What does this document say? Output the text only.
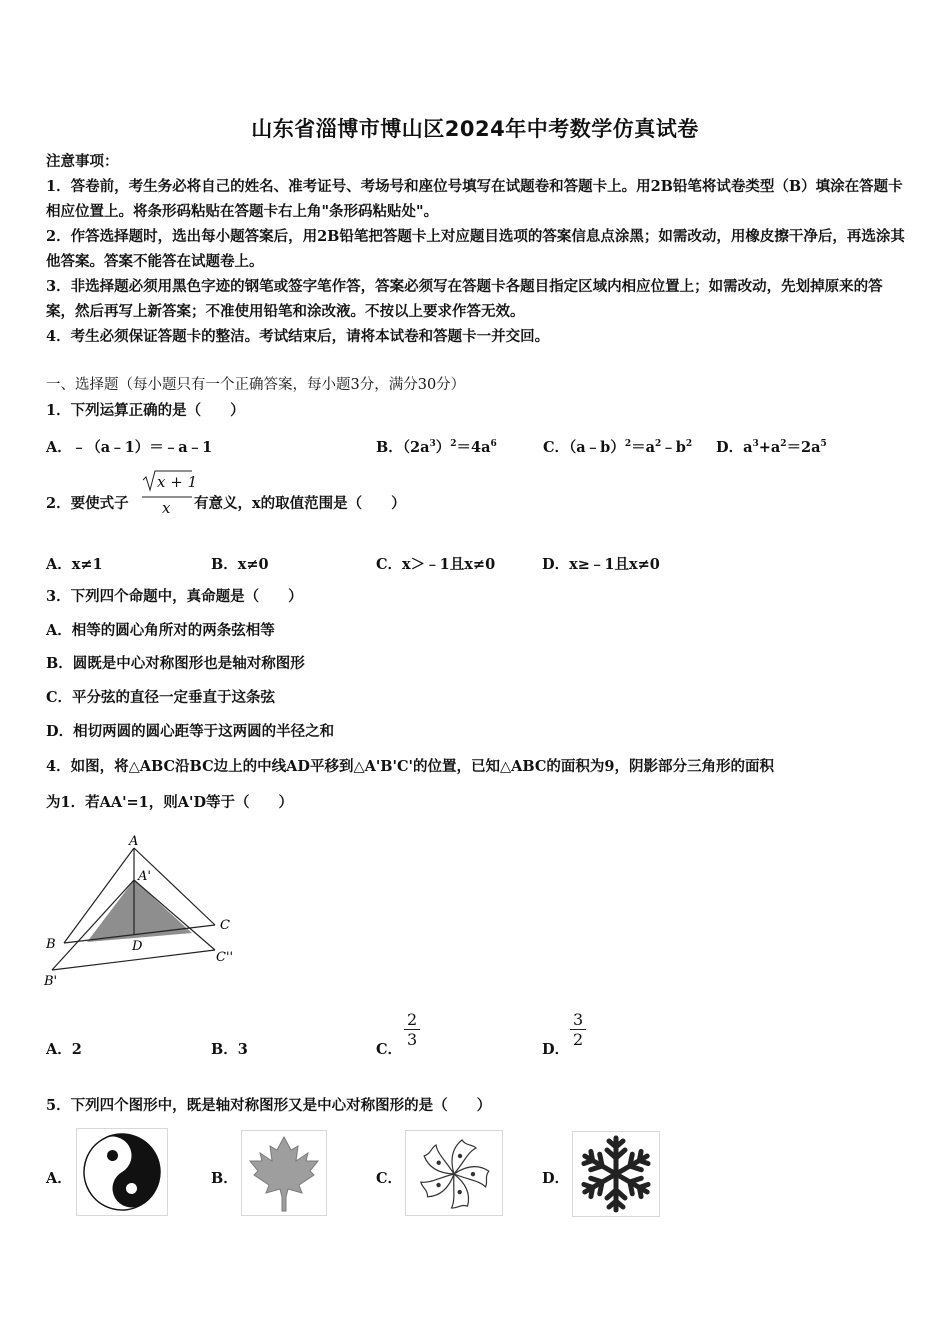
山东省淄博市博山区2024年中考数学仿真试卷
注意事项：
1．答卷前，考生务必将自己的姓名、准考证号、考场号和座位号填写在试题卷和答题卡上。用2B铅笔将试卷类型（B）填涂在答题卡相应位置上。将条形码粘贴在答题卡右上角"条形码粘贴处"。
2．作答选择题时，选出每小题答案后，用2B铅笔把答题卡上对应题目选项的答案信息点涂黑；如需改动，用橡皮擦干净后，再选涂其他答案。答案不能答在试题卷上。
3．非选择题必须用黑色字迹的钢笔或签字笔作答，答案必须写在答题卡各题目指定区域内相应位置上；如需改动，先划掉原来的答案，然后再写上新答案；不准使用铅笔和涂改液。不按以上要求作答无效。
4．考生必须保证答题卡的整洁。考试结束后，请将本试卷和答题卡一并交回。
一、选择题（每小题只有一个正确答案，每小题3分，满分30分）
1．下列运算正确的是（　　）
A．﹣（a﹣1）＝﹣a﹣1	B．$(2a^3)^2=4a^6$	C．$(a﹣b)^2=a^2﹣b^2$ D．$a^3+a^2=2a^5$
2．要使式子
x + 1
x 有意义，x的取值范围是（　　）
A．x≠1	B．x≠0	C．x＞﹣1且x≠0	D．x≥﹣1且x≠0
3．下列四个命题中，真命题是（　　）
A．相等的圆心角所对的两条弦相等
B．圆既是中心对称图形也是轴对称图形
C．平分弦的直径一定垂直于这条弦
D．相切两圆的圆心距等于这两圆的半径之和
4．如图，将△ABC沿BC边上的中线AD平移到△A'B'C'的位置，已知△ABC的面积为9，阴影部分三角形的面积
为1．若AA'=1，则A'D等于（　　）
A
A'
B
B'
C
C''
D
A．2	B．3	C．
$\frac{2}{3}$
D．
$\frac{3}{2}$
5．下列四个图形中，既是轴对称图形又是中心对称图形的是（　　）
A．	B．	C．	D．
